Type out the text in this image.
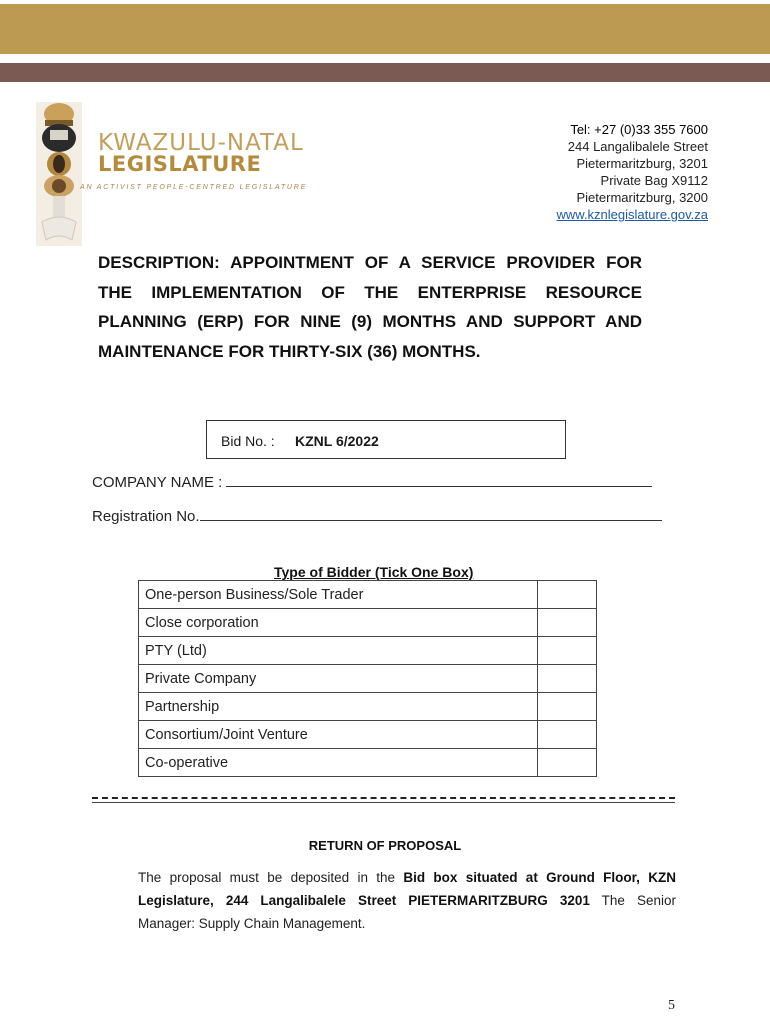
KWAZULU-NATAL
LEGISLATURE
AN ACTIVIST PEOPLE-CENTRED LEGISLATURE
Tel: +27 (0)33 355 7600
244 Langalibalele Street
Pietermaritzburg, 3201
Private Bag X9112
Pietermaritzburg, 3200
www.kznlegislature.gov.za
DESCRIPTION: APPOINTMENT OF A SERVICE PROVIDER FOR THE IMPLEMENTATION OF THE ENTERPRISE RESOURCE PLANNING (ERP) FOR NINE (9) MONTHS AND SUPPORT AND MAINTENANCE FOR THIRTY-SIX (36) MONTHS.
Bid No. : KZNL 6/2022
COMPANY NAME :
Registration No.
Type of Bidder (Tick One Box)
One-person Business/Sole Trader	
Close corporation	
PTY (Ltd)	
Private Company	
Partnership	
Consortium/Joint Venture	
Co-operative	
RETURN OF PROPOSAL
The proposal must be deposited in the Bid box situated at Ground Floor, KZN Legislature, 244 Langalibalele Street PIETERMARITZBURG 3201 The Senior Manager: Supply Chain Management.
5
